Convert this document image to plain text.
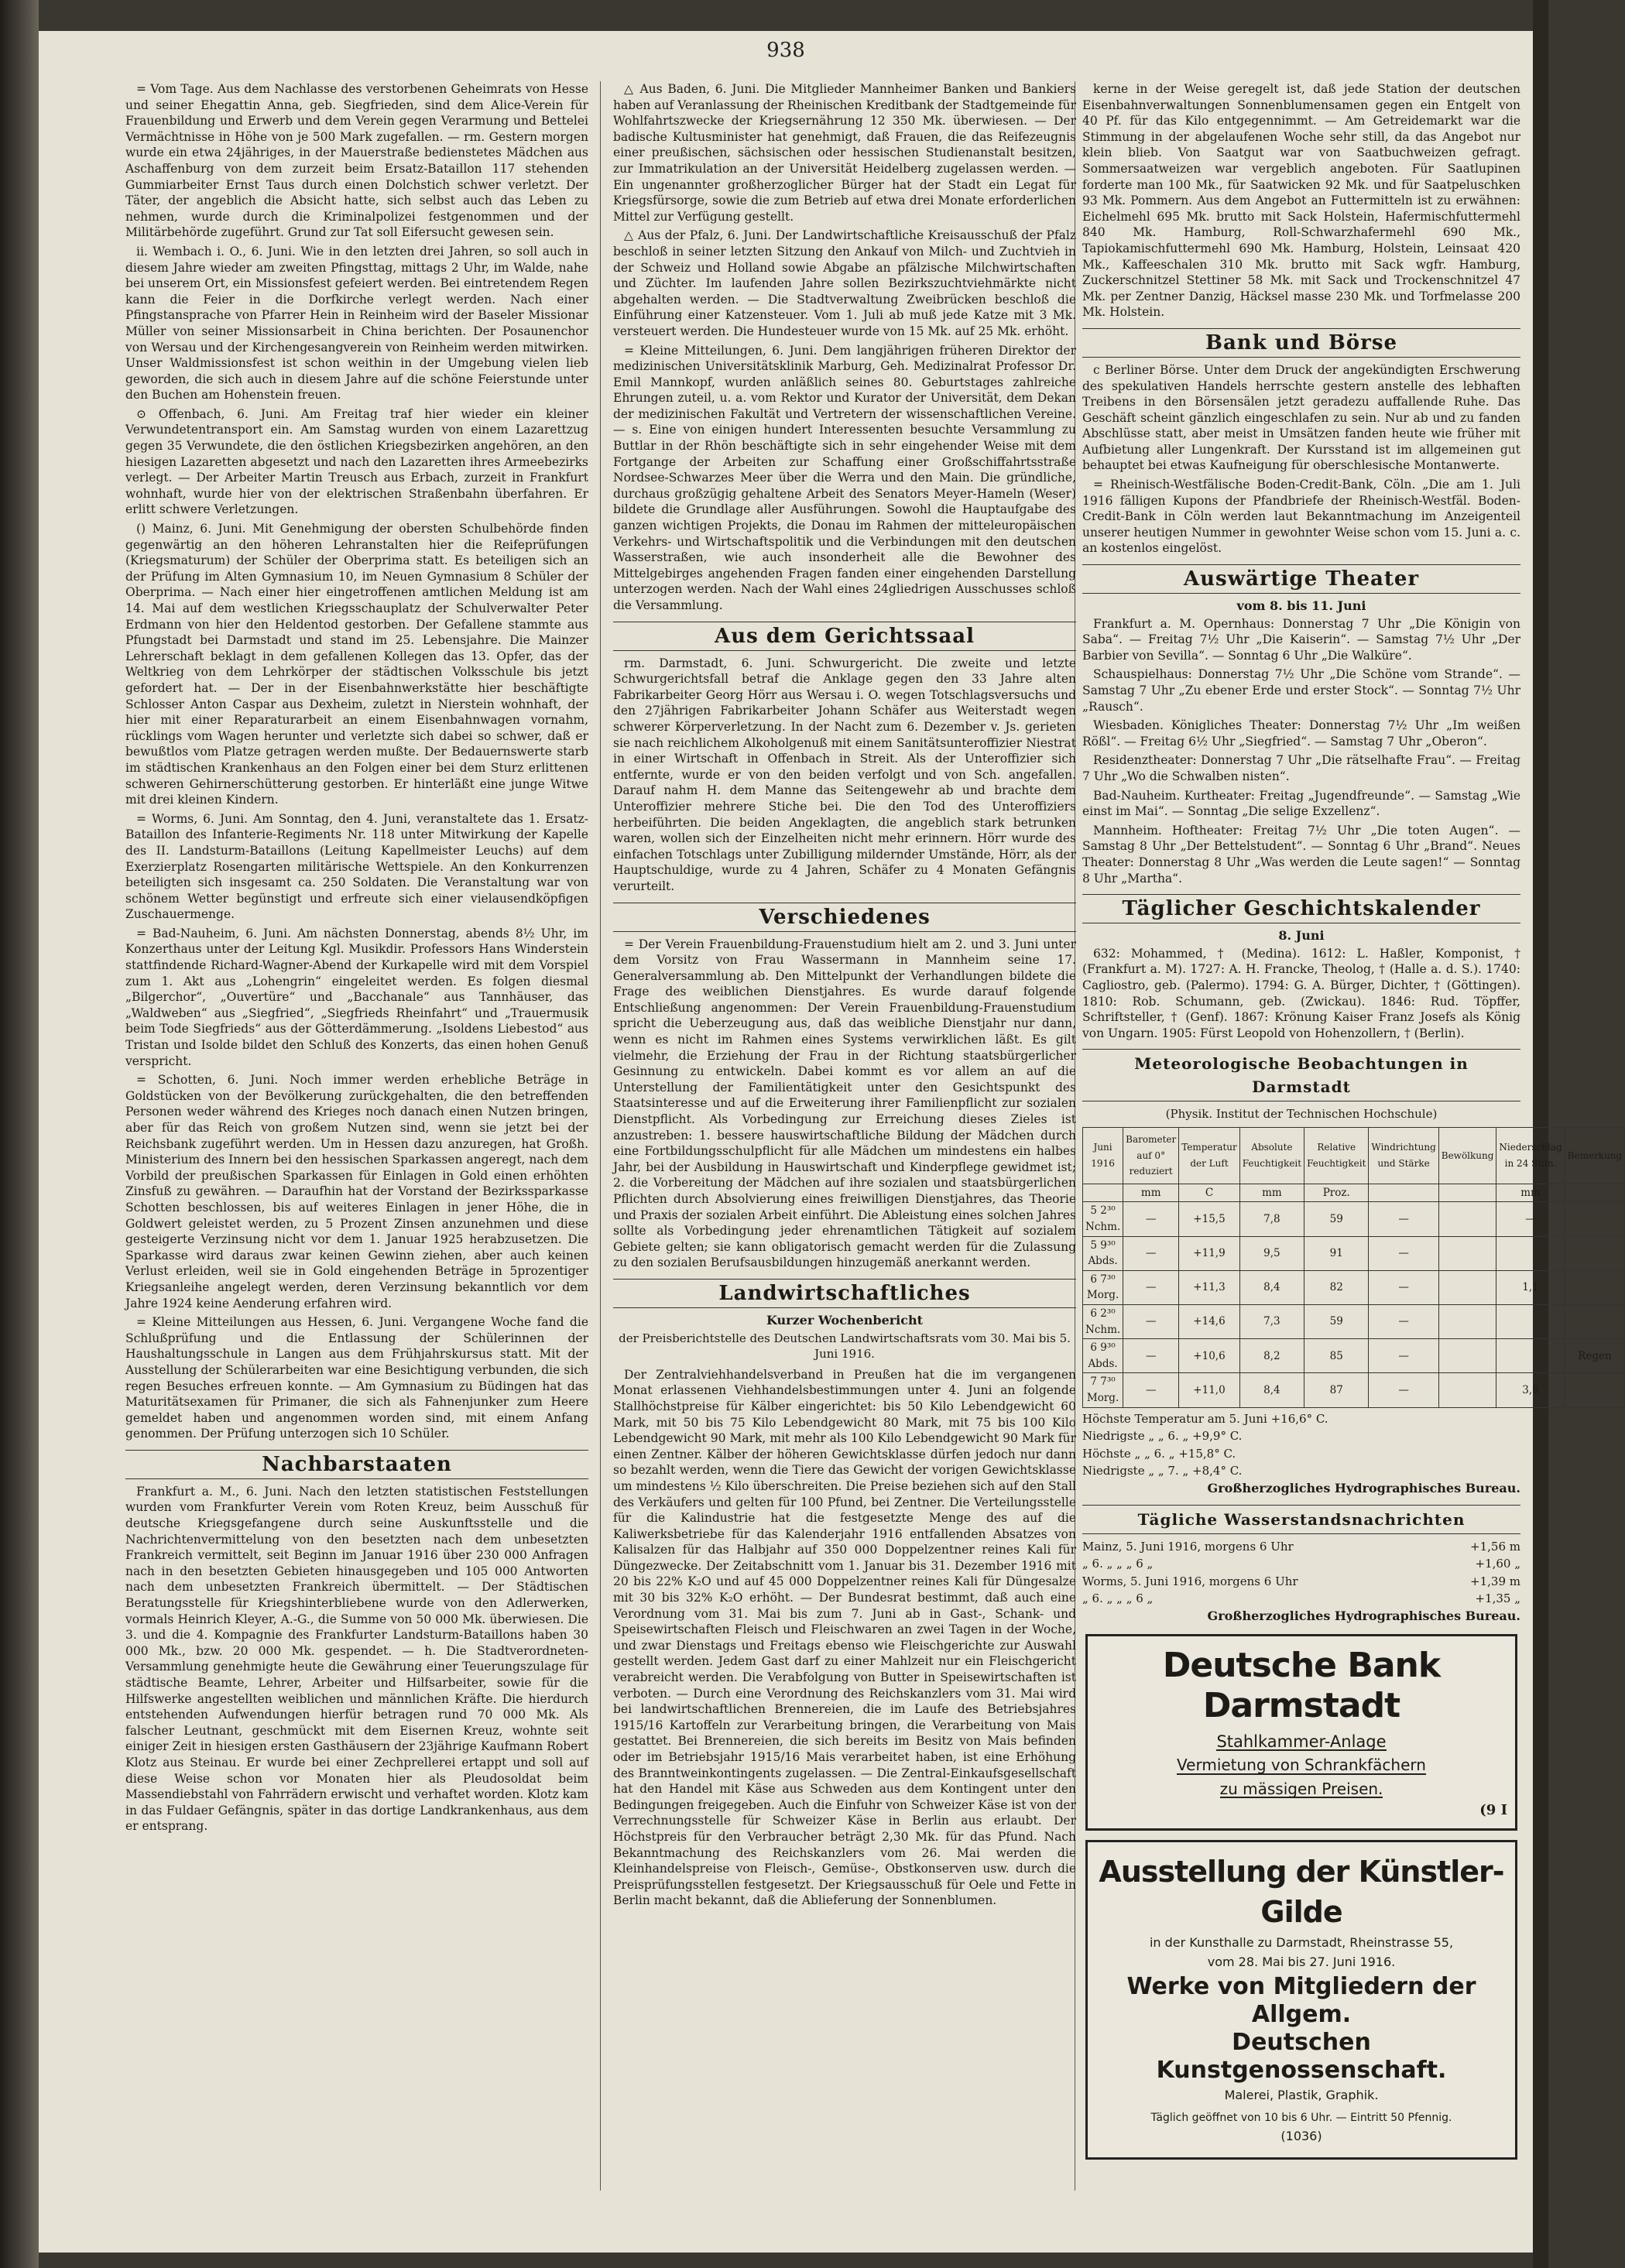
938

= Vom Tage. Aus dem Nachlasse des verstorbenen Geheimrats von Hesse und seiner Ehegattin Anna, geb. Siegfrieden, sind dem Alice-Verein für Frauenbildung und Erwerb und dem Verein gegen Verarmung und Bettelei Vermächtnisse in Höhe von je 500 Mark zugefallen. — rm. Gestern morgen wurde ein etwa 24jähriges, in der Mauerstraße bedienstetes Mädchen aus Aschaffenburg von dem zurzeit beim Ersatz-Bataillon 117 stehenden Gummiarbeiter Ernst Taus durch einen Dolchstich schwer verletzt. Der Täter, der angeblich die Absicht hatte, sich selbst auch das Leben zu nehmen, wurde durch die Kriminalpolizei festgenommen und der Militärbehörde zugeführt. Grund zur Tat soll Eifersucht gewesen sein.

ii. Wembach i. O., 6. Juni. Wie in den letzten drei Jahren, so soll auch in diesem Jahre wieder am zweiten Pfingsttag, mittags 2 Uhr, im Walde, nahe bei unserem Ort, ein Missionsfest gefeiert werden. Bei eintretendem Regen kann die Feier in die Dorfkirche verlegt werden. Nach einer Pfingstansprache von Pfarrer Hein in Reinheim wird der Baseler Missionar Müller von seiner Missionsarbeit in China berichten. Der Posaunenchor von Wersau und der Kirchengesangverein von Reinheim werden mitwirken. Unser Waldmissionsfest ist schon weithin in der Umgebung vielen lieb geworden, die sich auch in diesem Jahre auf die schöne Feierstunde unter den Buchen am Hohenstein freuen.

⊙ Offenbach, 6. Juni. Am Freitag traf hier wieder ein kleiner Verwundetentransport ein. Am Samstag wurden von einem Lazarettzug gegen 35 Verwundete, die den östlichen Kriegsbezirken angehören, an den hiesigen Lazaretten abgesetzt und nach den Lazaretten ihres Armeebezirks verlegt. — Der Arbeiter Martin Treusch aus Erbach, zurzeit in Frankfurt wohnhaft, wurde hier von der elektrischen Straßenbahn überfahren. Er erlitt schwere Verletzungen.

() Mainz, 6. Juni. Mit Genehmigung der obersten Schulbehörde finden gegenwärtig an den höheren Lehranstalten hier die Reifeprüfungen (Kriegsmaturum) der Schüler der Oberprima statt. Es beteiligen sich an der Prüfung im Alten Gymnasium 10, im Neuen Gymnasium 8 Schüler der Oberprima. — Nach einer hier eingetroffenen amtlichen Meldung ist am 14. Mai auf dem westlichen Kriegsschauplatz der Schulverwalter Peter Erdmann von hier den Heldentod gestorben. Der Gefallene stammte aus Pfungstadt bei Darmstadt und stand im 25. Lebensjahre. Die Mainzer Lehrerschaft beklagt in dem gefallenen Kollegen das 13. Opfer, das der Weltkrieg von dem Lehrkörper der städtischen Volksschule bis jetzt gefordert hat. — Der in der Eisenbahnwerkstätte hier beschäftigte Schlosser Anton Caspar aus Dexheim, zuletzt in Nierstein wohnhaft, der hier mit einer Reparaturarbeit an einem Eisenbahnwagen vornahm, rücklings vom Wagen herunter und verletzte sich dabei so schwer, daß er bewußtlos vom Platze getragen werden mußte. Der Bedauernswerte starb im städtischen Krankenhaus an den Folgen einer bei dem Sturz erlittenen schweren Gehirnerschütterung gestorben. Er hinterläßt eine junge Witwe mit drei kleinen Kindern.

= Worms, 6. Juni. Am Sonntag, den 4. Juni, veranstaltete das 1. Ersatz-Bataillon des Infanterie-Regiments Nr. 118 unter Mitwirkung der Kapelle des II. Landsturm-Bataillons (Leitung Kapellmeister Leuchs) auf dem Exerzierplatz Rosengarten militärische Wettspiele. An den Konkurrenzen beteiligten sich insgesamt ca. 250 Soldaten. Die Veranstaltung war von schönem Wetter begünstigt und erfreute sich einer vielausendköpfigen Zuschauermenge.

= Bad-Nauheim, 6. Juni. Am nächsten Donnerstag, abends 8½ Uhr, im Konzerthaus unter der Leitung Kgl. Musikdir. Professors Hans Winderstein stattfindende Richard-Wagner-Abend der Kurkapelle wird mit dem Vorspiel zum 1. Akt aus „Lohengrin“ eingeleitet werden. Es folgen diesmal „Bilgerchor“, „Ouvertüre“ und „Bacchanale“ aus Tannhäuser, das „Waldweben“ aus „Siegfried“, „Siegfrieds Rheinfahrt“ und „Trauermusik beim Tode Siegfrieds“ aus der Götterdämmerung. „Isoldens Liebestod“ aus Tristan und Isolde bildet den Schluß des Konzerts, das einen hohen Genuß verspricht.

= Schotten, 6. Juni. Noch immer werden erhebliche Beträge in Goldstücken von der Bevölkerung zurückgehalten, die den betreffenden Personen weder während des Krieges noch danach einen Nutzen bringen, aber für das Reich von großem Nutzen sind, wenn sie jetzt bei der Reichsbank zugeführt werden. Um in Hessen dazu anzuregen, hat Großh. Ministerium des Innern bei den hessischen Sparkassen angeregt, nach dem Vorbild der preußischen Sparkassen für Einlagen in Gold einen erhöhten Zinsfuß zu gewähren. — Daraufhin hat der Vorstand der Bezirkssparkasse Schotten beschlossen, bis auf weiteres Einlagen in jener Höhe, die in Goldwert geleistet werden, zu 5 Prozent Zinsen anzunehmen und diese gesteigerte Verzinsung nicht vor dem 1. Januar 1925 herabzusetzen. Die Sparkasse wird daraus zwar keinen Gewinn ziehen, aber auch keinen Verlust erleiden, weil sie in Gold eingehenden Beträge in 5prozentiger Kriegsanleihe angelegt werden, deren Verzinsung bekanntlich vor dem Jahre 1924 keine Aenderung erfahren wird.

= Kleine Mitteilungen aus Hessen, 6. Juni. Vergangene Woche fand die Schlußprüfung und die Entlassung der Schülerinnen der Haushaltungsschule in Langen aus dem Frühjahrskursus statt. Mit der Ausstellung der Schülerarbeiten war eine Besichtigung verbunden, die sich regen Besuches erfreuen konnte. — Am Gymnasium zu Büdingen hat das Maturitätsexamen für Primaner, die sich als Fahnenjunker zum Heere gemeldet haben und angenommen worden sind, mit einem Anfang genommen. Der Prüfung unterzogen sich 10 Schüler.

Nachbarstaaten

Frankfurt a. M., 6. Juni. Nach den letzten statistischen Feststellungen wurden vom Frankfurter Verein vom Roten Kreuz, beim Ausschuß für deutsche Kriegsgefangene durch seine Auskunftsstelle und die Nachrichtenvermittelung von den besetzten nach dem unbesetzten Frankreich vermittelt, seit Beginn im Januar 1916 über 230 000 Anfragen nach in den besetzten Gebieten hinausgegeben und 105 000 Antworten nach dem unbesetzten Frankreich übermittelt. — Der Städtischen Beratungsstelle für Kriegshinterbliebene wurde von den Adlerwerken, vormals Heinrich Kleyer, A.-G., die Summe von 50 000 Mk. überwiesen. Die 3. und die 4. Kompagnie des Frankfurter Landsturm-Bataillons haben 30 000 Mk., bzw. 20 000 Mk. gespendet. — h. Die Stadtverordneten-Versammlung genehmigte heute die Gewährung einer Teuerungszulage für städtische Beamte, Lehrer, Arbeiter und Hilfsarbeiter, sowie für die Hilfswerke angestellten weiblichen und männlichen Kräfte. Die hierdurch entstehenden Aufwendungen hierfür betragen rund 70 000 Mk. Als falscher Leutnant, geschmückt mit dem Eisernen Kreuz, wohnte seit einiger Zeit in hiesigen ersten Gasthäusern der 23jährige Kaufmann Robert Klotz aus Steinau. Er wurde bei einer Zechprellerei ertappt und soll auf diese Weise schon vor Monaten hier als Pleudosoldat beim Massendiebstahl von Fahrrädern erwischt und verhaftet worden. Klotz kam in das Fuldaer Gefängnis, später in das dortige Landkrankenhaus, aus dem er entsprang.

△ Aus Baden, 6. Juni. Die Mitglieder Mannheimer Banken und Bankiers haben auf Veranlassung der Rheinischen Kreditbank der Stadtgemeinde für Wohlfahrtszwecke der Kriegsernährung 12 350 Mk. überwiesen. — Der badische Kultusminister hat genehmigt, daß Frauen, die das Reifezeugnis einer preußischen, sächsischen oder hessischen Studienanstalt besitzen, zur Immatrikulation an der Universität Heidelberg zugelassen werden. — Ein ungenannter großherzoglicher Bürger hat der Stadt ein Legat für Kriegsfürsorge, sowie die zum Betrieb auf etwa drei Monate erforderlichen Mittel zur Verfügung gestellt.

△ Aus der Pfalz, 6. Juni. Der Landwirtschaftliche Kreisausschuß der Pfalz beschloß in seiner letzten Sitzung den Ankauf von Milch- und Zuchtvieh in der Schweiz und Holland sowie Abgabe an pfälzische Milchwirtschaften und Züchter. Im laufenden Jahre sollen Bezirkszuchtviehmärkte nicht abgehalten werden. — Die Stadtverwaltung Zweibrücken beschloß die Einführung einer Katzensteuer. Vom 1. Juli ab muß jede Katze mit 3 Mk. versteuert werden. Die Hundesteuer wurde von 15 Mk. auf 25 Mk. erhöht.

= Kleine Mitteilungen, 6. Juni. Dem langjährigen früheren Direktor der medizinischen Universitätsklinik Marburg, Geh. Medizinalrat Professor Dr. Emil Mannkopf, wurden anläßlich seines 80. Geburtstages zahlreiche Ehrungen zuteil, u. a. vom Rektor und Kurator der Universität, dem Dekan der medizinischen Fakultät und Vertretern der wissenschaftlichen Vereine. — s. Eine von einigen hundert Interessenten besuchte Versammlung zu Buttlar in der Rhön beschäftigte sich in sehr eingehender Weise mit dem Fortgange der Arbeiten zur Schaffung einer Großschiffahrtsstraße Nordsee-Schwarzes Meer über die Werra und den Main. Die gründliche, durchaus großzügig gehaltene Arbeit des Senators Meyer-Hameln (Weser) bildete die Grundlage aller Ausführungen. Sowohl die Hauptaufgabe des ganzen wichtigen Projekts, die Donau im Rahmen der mitteleuropäischen Verkehrs- und Wirtschaftspolitik und die Verbindungen mit den deutschen Wasserstraßen, wie auch insonderheit alle die Bewohner des Mittelgebirges angehenden Fragen fanden einer eingehenden Darstellung unterzogen werden. Nach der Wahl eines 24gliedrigen Ausschusses schloß die Versammlung.

Aus dem Gerichtssaal

rm. Darmstadt, 6. Juni. Schwurgericht. Die zweite und letzte Schwurgerichtsfall betraf die Anklage gegen den 33 Jahre alten Fabrikarbeiter Georg Hörr aus Wersau i. O. wegen Totschlagsversuchs und den 27jährigen Fabrikarbeiter Johann Schäfer aus Weiterstadt wegen schwerer Körperverletzung. In der Nacht zum 6. Dezember v. Js. gerieten sie nach reichlichem Alkoholgenuß mit einem Sanitätsunteroffizier Niestrat in einer Wirtschaft in Offenbach in Streit. Als der Unteroffizier sich entfernte, wurde er von den beiden verfolgt und von Sch. angefallen. Darauf nahm H. dem Manne das Seitengewehr ab und brachte dem Unteroffizier mehrere Stiche bei. Die den Tod des Unteroffiziers herbeiführten. Die beiden Angeklagten, die angeblich stark betrunken waren, wollen sich der Einzelheiten nicht mehr erinnern. Hörr wurde des einfachen Totschlags unter Zubilligung mildernder Umstände, Hörr, als der Hauptschuldige, wurde zu 4 Jahren, Schäfer zu 4 Monaten Gefängnis verurteilt.

Verschiedenes

= Der Verein Frauenbildung-Frauenstudium hielt am 2. und 3. Juni unter dem Vorsitz von Frau Wassermann in Mannheim seine 17. Generalversammlung ab. Den Mittelpunkt der Verhandlungen bildete die Frage des weiblichen Dienstjahres. Es wurde darauf folgende Entschließung angenommen: Der Verein Frauenbildung-Frauenstudium spricht die Ueberzeugung aus, daß das weibliche Dienstjahr nur dann, wenn es nicht im Rahmen eines Systems verwirklichen läßt. Es gilt vielmehr, die Erziehung der Frau in der Richtung staatsbürgerlicher Gesinnung zu entwickeln. Dabei kommt es vor allem an auf die Unterstellung der Familientätigkeit unter den Gesichtspunkt des Staatsinteresse und auf die Erweiterung ihrer Familienpflicht zur sozialen Dienstpflicht. Als Vorbedingung zur Erreichung dieses Zieles ist anzustreben: 1. bessere hauswirtschaftliche Bildung der Mädchen durch eine Fortbildungsschulpflicht für alle Mädchen um mindestens ein halbes Jahr, bei der Ausbildung in Hauswirtschaft und Kinderpflege gewidmet ist; 2. die Vorbereitung der Mädchen auf ihre sozialen und staatsbürgerlichen Pflichten durch Absolvierung eines freiwilligen Dienstjahres, das Theorie und Praxis der sozialen Arbeit einführt. Die Ableistung eines solchen Jahres sollte als Vorbedingung jeder ehrenamtlichen Tätigkeit auf sozialem Gebiete gelten; sie kann obligatorisch gemacht werden für die Zulassung zu den sozialen Berufsausbildungen hinzugemäß anerkannt werden.

Landwirtschaftliches
Kurzer Wochenbericht
der Preisberichtstelle des Deutschen Landwirtschaftsrats vom 30. Mai bis 5. Juni 1916.

Der Zentralviehhandelsverband in Preußen hat die im vergangenen Monat erlassenen Viehhandelsbestimmungen unter 4. Juni an folgende Stallhöchstpreise für Kälber eingerichtet: bis 50 Kilo Lebendgewicht 60 Mark, mit 50 bis 75 Kilo Lebendgewicht 80 Mark, mit 75 bis 100 Kilo Lebendgewicht 90 Mark, mit mehr als 100 Kilo Lebendgewicht 90 Mark für einen Zentner. Kälber der höheren Gewichtsklasse dürfen jedoch nur dann so bezahlt werden, wenn die Tiere das Gewicht der vorigen Gewichtsklasse um mindestens ½ Kilo überschreiten. Die Preise beziehen sich auf den Stall des Verkäufers und gelten für 100 Pfund, bei Zentner. Die Verteilungsstelle für die Kalindustrie hat die festgesetzte Menge des auf die Kaliwerksbetriebe für das Kalenderjahr 1916 entfallenden Absatzes von Kalisalzen für das Halbjahr auf 350 000 Doppelzentner reines Kali für Düngezwecke. Der Zeitabschnitt vom 1. Januar bis 31. Dezember 1916 mit 20 bis 22% K₂O und auf 45 000 Doppelzentner reines Kali für Düngesalze mit 30 bis 32% K₂O erhöht. — Der Bundesrat bestimmt, daß auch eine Verordnung vom 31. Mai bis zum 7. Juni ab in Gast-, Schank- und Speisewirtschaften Fleisch und Fleischwaren an zwei Tagen in der Woche, und zwar Dienstags und Freitags ebenso wie Fleischgerichte zur Auswahl gestellt werden. Jedem Gast darf zu einer Mahlzeit nur ein Fleischgericht verabreicht werden. Die Verabfolgung von Butter in Speisewirtschaften ist verboten. — Durch eine Verordnung des Reichskanzlers vom 31. Mai wird bei landwirtschaftlichen Brennereien, die im Laufe des Betriebsjahres 1915/16 Kartoffeln zur Verarbeitung bringen, die Verarbeitung von Mais gestattet. Bei Brennereien, die sich bereits im Besitz von Mais befinden oder im Betriebsjahr 1915/16 Mais verarbeitet haben, ist eine Erhöhung des Branntweinkontingents zugelassen. — Die Zentral-Einkaufsgesellschaft hat den Handel mit Käse aus Schweden aus dem Kontingent unter den Bedingungen freigegeben. Auch die Einfuhr von Schweizer Käse ist von der Verrechnungsstelle für Schweizer Käse in Berlin aus erlaubt. Der Höchstpreis für den Verbraucher beträgt 2,30 Mk. für das Pfund. Nach Bekanntmachung des Reichskanzlers vom 26. Mai werden die Kleinhandelspreise von Fleisch-, Gemüse-, Obstkonserven usw. durch die Preisprüfungsstellen festgesetzt. Der Kriegsausschuß für Oele und Fette in Berlin macht bekannt, daß die Ablieferung der Sonnenblumen.

kerne in der Weise geregelt ist, daß jede Station der deutschen Eisenbahnverwaltungen Sonnenblumensamen gegen ein Entgelt von 40 Pf. für das Kilo entgegennimmt. — Am Getreidemarkt war die Stimmung in der abgelaufenen Woche sehr still, da das Angebot nur klein blieb. Von Saatgut war von Saatbuchweizen gefragt. Sommersaatweizen war vergeblich angeboten. Für Saatlupinen forderte man 100 Mk., für Saatwicken 92 Mk. und für Saatpeluschken 93 Mk. Pommern. Aus dem Angebot an Futtermitteln ist zu erwähnen: Eichelmehl 695 Mk. brutto mit Sack Holstein, Hafermischfuttermehl 840 Mk. Hamburg, Roll-Schwarzhafermehl 690 Mk., Tapiokamischfuttermehl 690 Mk. Hamburg, Holstein, Leinsaat 420 Mk., Kaffeeschalen 310 Mk. brutto mit Sack wgfr. Hamburg, Zuckerschnitzel Stettiner 58 Mk. mit Sack und Trockenschnitzel 47 Mk. per Zentner Danzig, Häcksel masse 230 Mk. und Torfmelasse 200 Mk. Holstein.

Bank und Börse

c Berliner Börse. Unter dem Druck der angekündigten Erschwerung des spekulativen Handels herrschte gestern anstelle des lebhaften Treibens in den Börsensälen jetzt geradezu auffallende Ruhe. Das Geschäft scheint gänzlich eingeschlafen zu sein. Nur ab und zu fanden Abschlüsse statt, aber meist in Umsätzen fanden heute wie früher mit Aufbietung aller Lungenkraft. Der Kursstand ist im allgemeinen gut behauptet bei etwas Kaufneigung für oberschlesische Montanwerte.

= Rheinisch-Westfälische Boden-Credit-Bank, Cöln. „Die am 1. Juli 1916 fälligen Kupons der Pfandbriefe der Rheinisch-Westfäl. Boden-Credit-Bank in Cöln werden laut Bekanntmachung im Anzeigenteil unserer heutigen Nummer in gewohnter Weise schon vom 15. Juni a. c. an kostenlos eingelöst.

Auswärtige Theater
vom 8. bis 11. Juni

Frankfurt a. M. Opernhaus: Donnerstag 7 Uhr „Die Königin von Saba“. — Freitag 7½ Uhr „Die Kaiserin“. — Samstag 7½ Uhr „Der Barbier von Sevilla“. — Sonntag 6 Uhr „Die Walküre“.

Schauspielhaus: Donnerstag 7½ Uhr „Die Schöne vom Strande“. — Samstag 7 Uhr „Zu ebener Erde und erster Stock“. — Sonntag 7½ Uhr „Rausch“.

Wiesbaden. Königliches Theater: Donnerstag 7½ Uhr „Im weißen Rößl“. — Freitag 6½ Uhr „Siegfried“. — Samstag 7 Uhr „Oberon“.

Residenztheater: Donnerstag 7 Uhr „Die rätselhafte Frau“. — Freitag 7 Uhr „Wo die Schwalben nisten“.

Bad-Nauheim. Kurtheater: Freitag „Jugendfreunde“. — Samstag „Wie einst im Mai“. — Sonntag „Die selige Exzellenz“.

Mannheim. Hoftheater: Freitag 7½ Uhr „Die toten Augen“. — Samstag 8 Uhr „Der Bettelstudent“. — Sonntag 6 Uhr „Brand“. Neues Theater: Donnerstag 8 Uhr „Was werden die Leute sagen!“ — Sonntag 8 Uhr „Martha“.

Täglicher Geschichtskalender
8. Juni

632: Mohammed, † (Medina). 1612: L. Haßler, Komponist, † (Frankfurt a. M). 1727: A. H. Francke, Theolog, † (Halle a. d. S.). 1740: Cagliostro, geb. (Palermo). 1794: G. A. Bürger, Dichter, † (Göttingen). 1810: Rob. Schumann, geb. (Zwickau). 1846: Rud. Töpffer, Schriftsteller, † (Genf). 1867: Krönung Kaiser Franz Josefs als König von Ungarn. 1905: Fürst Leopold von Hohenzollern, † (Berlin).

Meteorologische Beobachtungen in Darmstadt
(Physik. Institut der Technischen Hochschule)
Juni 1916	Barometer auf 0° reduziert	Temperatur der Luft	Absolute Feuchtigkeit	Relative Feuchtigkeit	Windrichtung und Stärke	Bewölkung	Niederschlag in 24 Stdn.	Bemerkung
	mm	C	mm	Proz.			mm	
5 2³⁰ Nchm.	—	+15,5	7,8	59	—		—	
5 9³⁰ Abds.	—	+11,9	9,5	91	—			
6 7³⁰ Morg.	—	+11,3	8,4	82	—		1,1	
6 2³⁰ Nchm.	—	+14,6	7,3	59	—			
6 9³⁰ Abds.	—	+10,6	8,2	85	—			Regen
7 7³⁰ Morg.	—	+11,0	8,4	87	—		3,8	
Höchste Temperatur am 5. Juni +16,6° C.
Niedrigste „ „ 6. „ +9,9° C.
Höchste „ „ 6. „ +15,8° C.
Niedrigste „ „ 7. „ +8,4° C.
Großherzogliches Hydrographisches Bureau.
Tägliche Wasserstandsnachrichten
Mainz, 5. Juni 1916, morgens 6 Uhr	+1,56 m
„ 6. „ „ „ 6 „	+1,60 „
Worms, 5. Juni 1916, morgens 6 Uhr	+1,39 m
„ 6. „ „ „ 6 „	+1,35 „
Großherzogliches Hydrographisches Bureau.
Deutsche Bank Darmstadt
Stahlkammer-Anlage
Vermietung von Schrankfächern
zu mässigen Preisen.
(9 I
Ausstellung der Künstler-Gilde
in der Kunsthalle zu Darmstadt, Rheinstrasse 55,
vom 28. Mai bis 27. Juni 1916.
Werke von Mitgliedern der Allgem.
Deutschen Kunstgenossenschaft.
Malerei, Plastik, Graphik.
Täglich geöffnet von 10 bis 6 Uhr. — Eintritt 50 Pfennig.
(1036)
